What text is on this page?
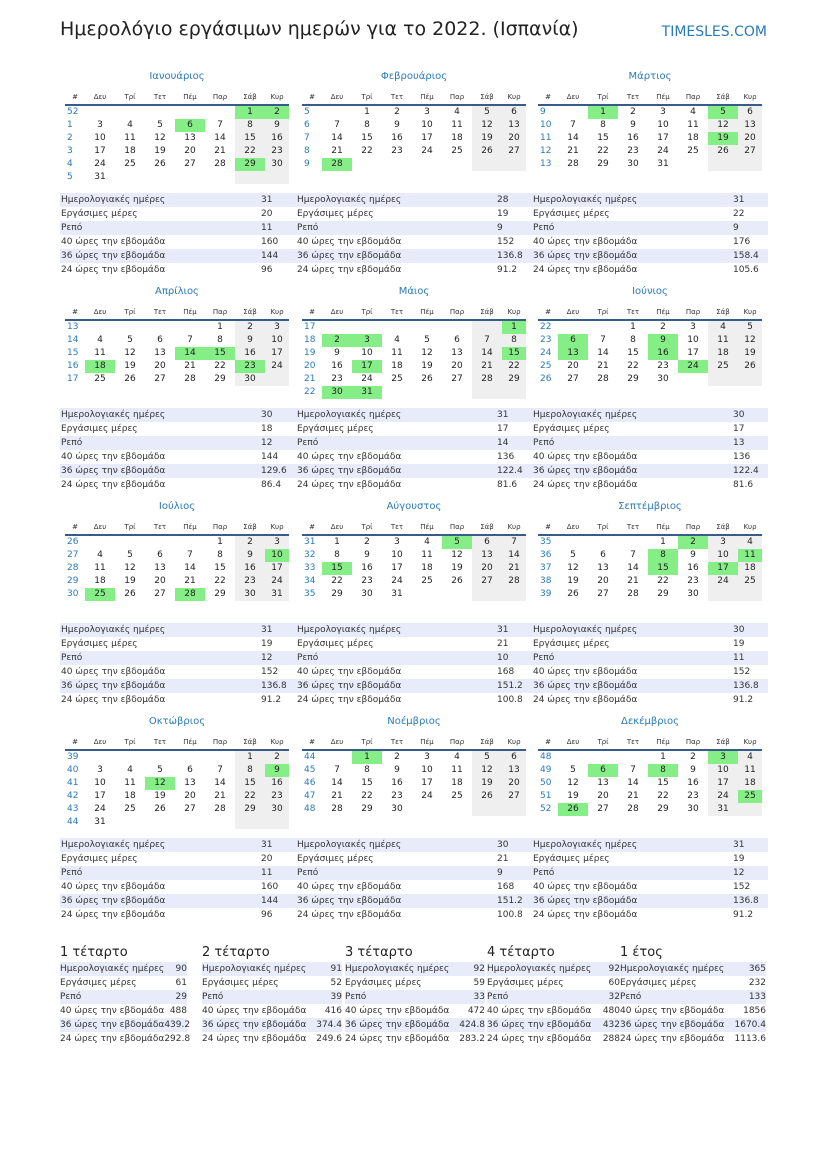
Ημερολόγιο εργάσιμων ημερών για το 2022. (Ισπανία)	TIMESLES.COM
Ιανουάριος
#	Δευ	Τρί	Τετ	Πέμ	Παρ	Σάβ	Κυρ
52						1	2
1	3	4	5	6	7	8	9
2	10	11	12	13	14	15	16
3	17	18	19	20	21	22	23
4	24	25	26	27	28	29	30
5	31						
Ημερολογιακές ημέρες	31
Εργάσιμες μέρες	20
Ρεπό	11
40 ώρες την εβδομάδα	160
36 ώρες την εβδομάδα	144
24 ώρες την εβδομάδα	96
Φεβρουάριος
#	Δευ	Τρί	Τετ	Πέμ	Παρ	Σάβ	Κυρ
5		1	2	3	4	5	6
6	7	8	9	10	11	12	13
7	14	15	16	17	18	19	20
8	21	22	23	24	25	26	27
9	28						
Ημερολογιακές ημέρες	28
Εργάσιμες μέρες	19
Ρεπό	9
40 ώρες την εβδομάδα	152
36 ώρες την εβδομάδα	136.8
24 ώρες την εβδομάδα	91.2
Μάρτιος
#	Δευ	Τρί	Τετ	Πέμ	Παρ	Σάβ	Κυρ
9		1	2	3	4	5	6
10	7	8	9	10	11	12	13
11	14	15	16	17	18	19	20
12	21	22	23	24	25	26	27
13	28	29	30	31			
Ημερολογιακές ημέρες	31
Εργάσιμες μέρες	22
Ρεπό	9
40 ώρες την εβδομάδα	176
36 ώρες την εβδομάδα	158.4
24 ώρες την εβδομάδα	105.6
Απρίλιος
#	Δευ	Τρί	Τετ	Πέμ	Παρ	Σάβ	Κυρ
13					1	2	3
14	4	5	6	7	8	9	10
15	11	12	13	14	15	16	17
16	18	19	20	21	22	23	24
17	25	26	27	28	29	30	
Ημερολογιακές ημέρες	30
Εργάσιμες μέρες	18
Ρεπό	12
40 ώρες την εβδομάδα	144
36 ώρες την εβδομάδα	129.6
24 ώρες την εβδομάδα	86.4
Μάιος
#	Δευ	Τρί	Τετ	Πέμ	Παρ	Σάβ	Κυρ
17							1
18	2	3	4	5	6	7	8
19	9	10	11	12	13	14	15
20	16	17	18	19	20	21	22
21	23	24	25	26	27	28	29
22	30	31					
Ημερολογιακές ημέρες	31
Εργάσιμες μέρες	17
Ρεπό	14
40 ώρες την εβδομάδα	136
36 ώρες την εβδομάδα	122.4
24 ώρες την εβδομάδα	81.6
Ιούνιος
#	Δευ	Τρί	Τετ	Πέμ	Παρ	Σάβ	Κυρ
22			1	2	3	4	5
23	6	7	8	9	10	11	12
24	13	14	15	16	17	18	19
25	20	21	22	23	24	25	26
26	27	28	29	30			
Ημερολογιακές ημέρες	30
Εργάσιμες μέρες	17
Ρεπό	13
40 ώρες την εβδομάδα	136
36 ώρες την εβδομάδα	122.4
24 ώρες την εβδομάδα	81.6
Ιούλιος
#	Δευ	Τρί	Τετ	Πέμ	Παρ	Σάβ	Κυρ
26					1	2	3
27	4	5	6	7	8	9	10
28	11	12	13	14	15	16	17
29	18	19	20	21	22	23	24
30	25	26	27	28	29	30	31
Ημερολογιακές ημέρες	31
Εργάσιμες μέρες	19
Ρεπό	12
40 ώρες την εβδομάδα	152
36 ώρες την εβδομάδα	136.8
24 ώρες την εβδομάδα	91.2
Αύγουστος
#	Δευ	Τρί	Τετ	Πέμ	Παρ	Σάβ	Κυρ
31	1	2	3	4	5	6	7
32	8	9	10	11	12	13	14
33	15	16	17	18	19	20	21
34	22	23	24	25	26	27	28
35	29	30	31				
Ημερολογιακές ημέρες	31
Εργάσιμες μέρες	21
Ρεπό	10
40 ώρες την εβδομάδα	168
36 ώρες την εβδομάδα	151.2
24 ώρες την εβδομάδα	100.8
Σεπτέμβριος
#	Δευ	Τρί	Τετ	Πέμ	Παρ	Σάβ	Κυρ
35				1	2	3	4
36	5	6	7	8	9	10	11
37	12	13	14	15	16	17	18
38	19	20	21	22	23	24	25
39	26	27	28	29	30		
Ημερολογιακές ημέρες	30
Εργάσιμες μέρες	19
Ρεπό	11
40 ώρες την εβδομάδα	152
36 ώρες την εβδομάδα	136.8
24 ώρες την εβδομάδα	91.2
Οκτώβριος
#	Δευ	Τρί	Τετ	Πέμ	Παρ	Σάβ	Κυρ
39						1	2
40	3	4	5	6	7	8	9
41	10	11	12	13	14	15	16
42	17	18	19	20	21	22	23
43	24	25	26	27	28	29	30
44	31						
Ημερολογιακές ημέρες	31
Εργάσιμες μέρες	20
Ρεπό	11
40 ώρες την εβδομάδα	160
36 ώρες την εβδομάδα	144
24 ώρες την εβδομάδα	96
Νοέμβριος
#	Δευ	Τρί	Τετ	Πέμ	Παρ	Σάβ	Κυρ
44		1	2	3	4	5	6
45	7	8	9	10	11	12	13
46	14	15	16	17	18	19	20
47	21	22	23	24	25	26	27
48	28	29	30				
Ημερολογιακές ημέρες	30
Εργάσιμες μέρες	21
Ρεπό	9
40 ώρες την εβδομάδα	168
36 ώρες την εβδομάδα	151.2
24 ώρες την εβδομάδα	100.8
Δεκέμβριος
#	Δευ	Τρί	Τετ	Πέμ	Παρ	Σάβ	Κυρ
48				1	2	3	4
49	5	6	7	8	9	10	11
50	12	13	14	15	16	17	18
51	19	20	21	22	23	24	25
52	26	27	28	29	30	31	
Ημερολογιακές ημέρες	31
Εργάσιμες μέρες	19
Ρεπό	12
40 ώρες την εβδομάδα	152
36 ώρες την εβδομάδα	136.8
24 ώρες την εβδομάδα	91.2
1 τέταρτο
Ημερολογιακές ημέρες	90
Εργάσιμες μέρες	61
Ρεπό	29
40 ώρες την εβδομάδα 488
36 ώρες την εβδομάδα 439.2
24 ώρες την εβδομάδα 292.8
2 τέταρτο
Ημερολογιακές ημέρες	91
Εργάσιμες μέρες	52
Ρεπό	39
40 ώρες την εβδομάδα	416
36 ώρες την εβδομάδα	374.4
24 ώρες την εβδομάδα	249.6
3 τέταρτο
Ημερολογιακές ημέρες	92
Εργάσιμες μέρες	59
Ρεπό	33
40 ώρες την εβδομάδα	472
36 ώρες την εβδομάδα	424.8
24 ώρες την εβδομάδα	283.2
4 τέταρτο
Ημερολογιακές ημέρες	92
Εργάσιμες μέρες	60
Ρεπό	32
40 ώρες την εβδομάδα	480
36 ώρες την εβδομάδα	432
24 ώρες την εβδομάδα	288
1 έτος
Ημερολογιακές ημέρες	365
Εργάσιμες μέρες	232
Ρεπό	133
40 ώρες την εβδομάδα	1856
36 ώρες την εβδομάδα	1670.4
24 ώρες την εβδομάδα	1113.6
